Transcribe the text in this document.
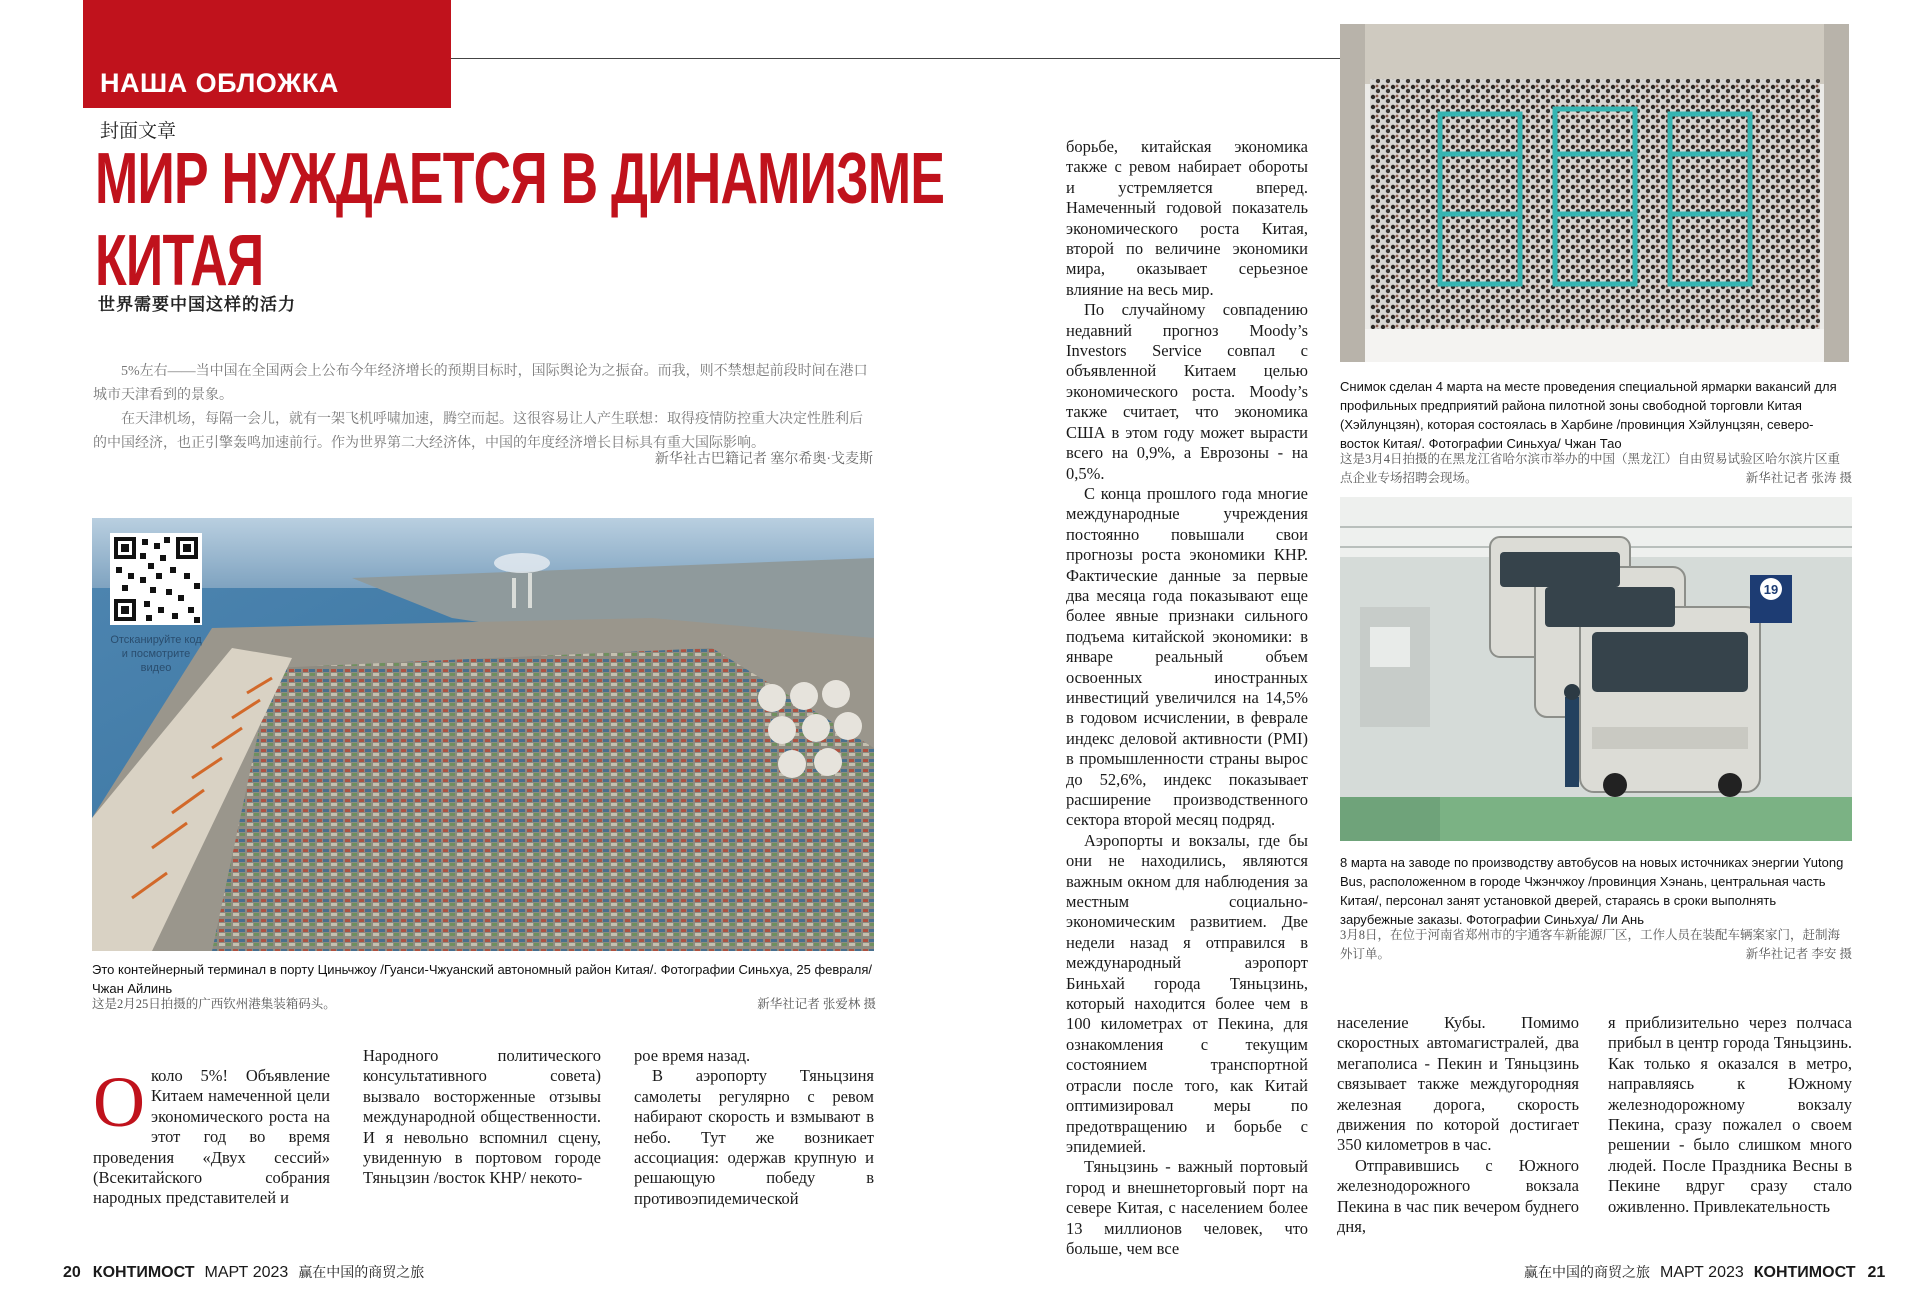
НАША ОБЛОЖКА
封面文章
МИР НУЖДАЕТСЯ В ДИНАМИЗМЕ
КИТАЯ
世界需要中国这样的活力

5%左右——当中国在全国两会上公布今年经济增长的预期目标时，国际舆论为之振奋。而我，则不禁想起前段时间在港口城市天津看到的景象。

在天津机场，每隔一会儿，就有一架飞机呼啸加速，腾空而起。这很容易让人产生联想：取得疫情防控重大决定性胜利后的中国经济，也正引擎轰鸣加速前行。作为世界第二大经济体，中国的年度经济增长目标具有重大国际影响。

新华社古巴籍记者 塞尔希奥·戈麦斯
Отсканируйте код и посмотрите видео
Это контейнерный терминал в порту Циньчжоу /Гуанси-Чжуанский автономный район Китая/. Фотографии Синьхуа, 25 февраля/ Чжан Айлинь
这是2月25日拍摄的广西钦州港集装箱码头。	新华社记者 张爱林 摄

Около 5%! Объявление Китаем намеченной цели экономического роста на этот год во время проведения «Двух сессий» (Всекитайского собрания народных представителей и

Народного политического консультативного совета) вызвало восторженные отзывы международной общественности. И я невольно вспомнил сцену, увиденную в портовом городе Тяньцзин /восток КНР/ некото-

рое время назад.

В аэропорту Тяньцзиня самолеты регулярно с ревом набирают скорость и взмывают в небо. Тут же возникает ассоциация: одержав крупную и решающую победу в противоэпидемической

борьбе, китайская экономика также с ревом набирает обороты и устремляется вперед. Намеченный годовой показатель экономического роста Китая, второй по величине экономики мира, оказывает серьезное влияние на весь мир.

По случайному совпадению недавний прогноз Moody’s Investors Service совпал с объявленной Китаем целью экономического роста. Moody’s также считает, что экономика США в этом году может вырасти всего на 0,9%, а Еврозоны - на 0,5%.

С конца прошлого года многие международные учреждения постоянно повышали свои прогнозы роста экономики КНР. Фактические данные за первые два месяца года показывают еще более явные признаки сильного подъема китайской экономики: в январе реальный объем освоенных иностранных инвестиций увеличился на 14,5% в годовом исчислении, в феврале индекс деловой активности (PMI) в промышленности страны вырос до 52,6%, индекс показывает расширение производственного сектора второй месяц подряд.

Аэропорты и вокзалы, где бы они не находились, являются важным окном для наблюдения за местным социально-экономическим развитием. Две недели назад я отправился в международный аэропорт Биньхай города Тяньцзинь, который находится более чем в 100 километрах от Пекина, для ознакомления с текущим состоянием транспортной отрасли после того, как Китай оптимизировал меры по предотвращению и борьбе с эпидемией.

Тяньцзинь - важный портовый город и внешнеторговый порт на севере Китая, с населением более 13 миллионов человек, что больше, чем все

Снимок сделан 4 марта на месте проведения специальной ярмарки вакансий для профильных предприятий района пилотной зоны свободной торговли Китая (Хэйлунцзян), которая состоялась в Харбине /провинция Хэйлунцзян, северо-восток Китая/. Фотографии Синьхуа/ Чжан Тао
这是3月4日拍摄的在黑龙江省哈尔滨市举办的中国（黑龙江）自由贸易试验区哈尔滨片区重点企业专场招聘会现场。	新华社记者 张涛 摄
19
8 марта на заводе по производству автобусов на новых источниках энергии Yutong Bus, расположенном в городе Чжэнчжоу /провинция Хэнань, центральная часть Китая/, персонал занят установкой дверей, стараясь в сроки выполнять зарубежные заказы. Фотографии Синьхуа/ Ли Ань
3月8日，在位于河南省郑州市的宇通客车新能源厂区，工作人员在装配车辆案家门，赶制海外订单。	新华社记者 李安 摄

население Кубы. Помимо скоростных автомагистралей, два мегаполиса - Пекин и Тяньцзинь связывает также междугородняя железная дорога, скорость движения по которой достигает 350 километров в час.

Отправившись с Южного железнодорожного вокзала Пекина в час пик вечером буднего дня,

я приблизительно через полчаса прибыл в центр города Тяньцзинь. Как только я оказался в метро, направляясь к Южному железнодорожному вокзалу Пекина, сразу пожалел о своем решении - было слишком много людей. После Праздника Весны в Пекине вдруг сразу стало оживленно. Привлекательность

20 КОНТИМОСТ МАРТ 2023 赢在中国的商贸之旅	赢在中国的商贸之旅 МАРТ 2023 КОНТИМОСТ 21
